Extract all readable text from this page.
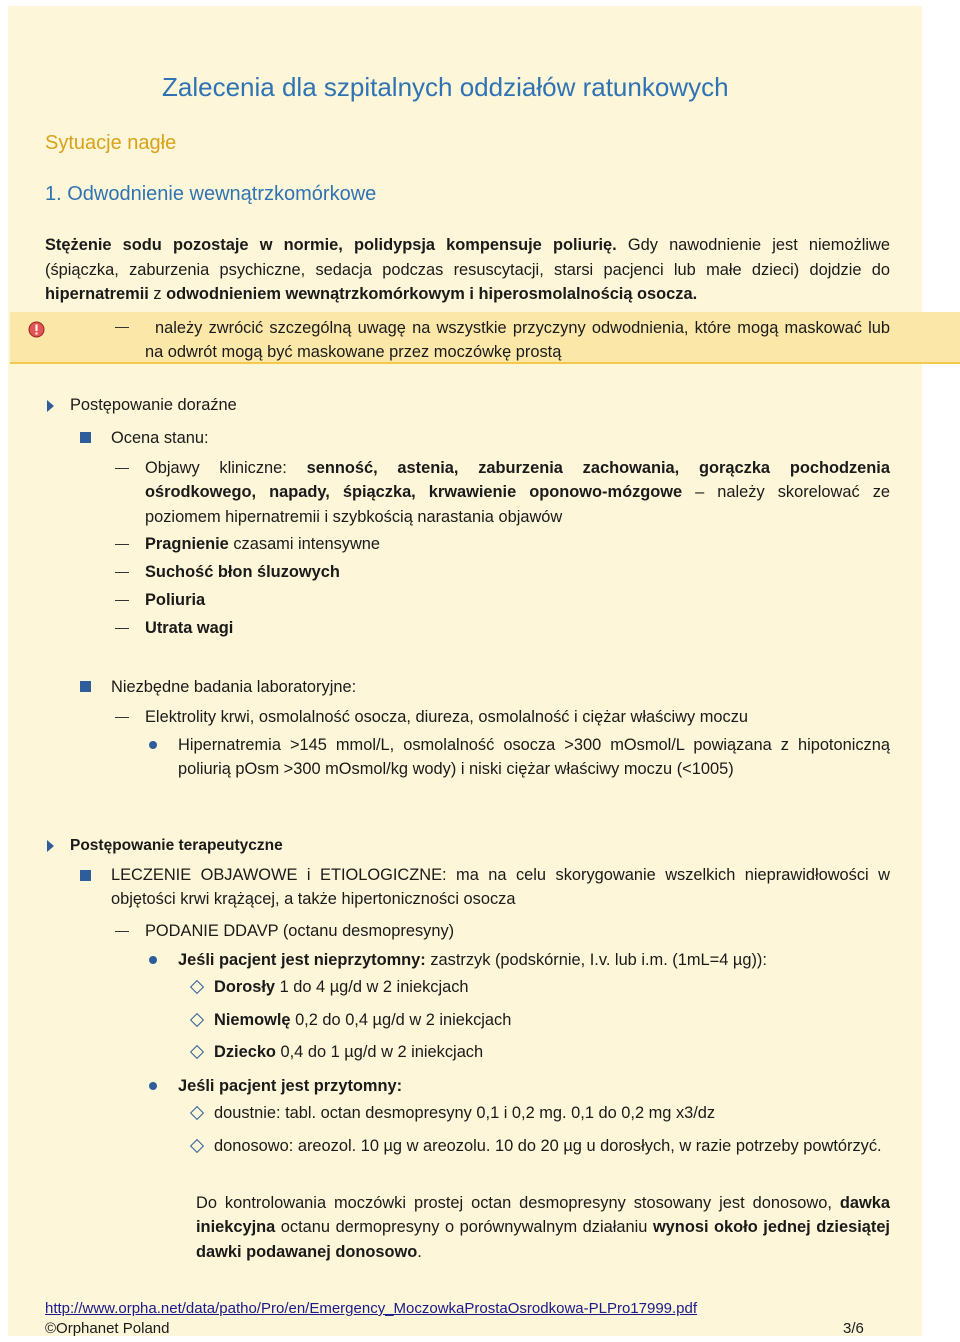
Zalecenia dla szpitalnych oddziałów ratunkowych
Sytuacje nagłe
1. Odwodnienie wewnątrzkomórkowe
Stężenie sodu pozostaje w normie, polidypsja kompensuje poliurię. Gdy nawodnienie jest niemożliwe (śpiączka, zaburzenia psychiczne, sedacja podczas resuscytacji, starsi pacjenci lub małe dzieci) dojdzie do hipernatremii z odwodnieniem wewnątrzkomórkowym i hiperosmolalnością osocza.
należy zwrócić szczególną uwagę na wszystkie przyczyny odwodnienia, które mogą maskować lub na odwrót mogą być maskowane przez moczówkę prostą
Postępowanie doraźne
Ocena stanu:
Objawy kliniczne: senność, astenia, zaburzenia zachowania, gorączka pochodzenia ośrodkowego, napady, śpiączka, krwawienie oponowo-mózgowe – należy skorelować ze poziomem hipernatremii i szybkością narastania objawów
Pragnienie czasami intensywne
Suchość błon śluzowych
Poliuria
Utrata wagi
Niezbędne badania laboratoryjne:
Elektrolity krwi, osmolalność osocza, diureza, osmolalność i ciężar właściwy moczu
Hipernatremia >145 mmol/L, osmolalność osocza >300 mOsmol/L powiązana z hipotoniczną poliurią pOsm >300 mOsmol/kg wody) i niski ciężar właściwy moczu (<1005)
Postępowanie terapeutyczne
LECZENIE OBJAWOWE i ETIOLOGICZNE: ma na celu skorygowanie wszelkich nieprawidłowości w objętości krwi krążącej, a także hipertoniczności osocza
PODANIE DDAVP (octanu desmopresyny)
Jeśli pacjent jest nieprzytomny: zastrzyk (podskórnie, I.v. lub i.m. (1mL=4 µg)):
Dorosły 1 do 4 µg/d w 2 iniekcjach
Niemowlę 0,2 do 0,4 µg/d w 2 iniekcjach
Dziecko 0,4 do 1 µg/d w 2 iniekcjach
Jeśli pacjent jest przytomny:
doustnie: tabl. octan desmopresyny 0,1 i 0,2 mg. 0,1 do 0,2 mg x3/dz
donosowo: areozol. 10 µg w areozolu. 10 do 20 µg u dorosłych, w razie potrzeby powtórzyć.
Do kontrolowania moczówki prostej octan desmopresyny stosowany jest donosowo, dawka iniekcyjna octanu dermopresyny o porównywalnym działaniu wynosi około jednej dziesiątej dawki podawanej donosowo.
http://www.orpha.net/data/patho/Pro/en/Emergency_MoczowkaProstaOsrodkowa-PLPro17999.pdf
©Orphanet Poland	3/6
